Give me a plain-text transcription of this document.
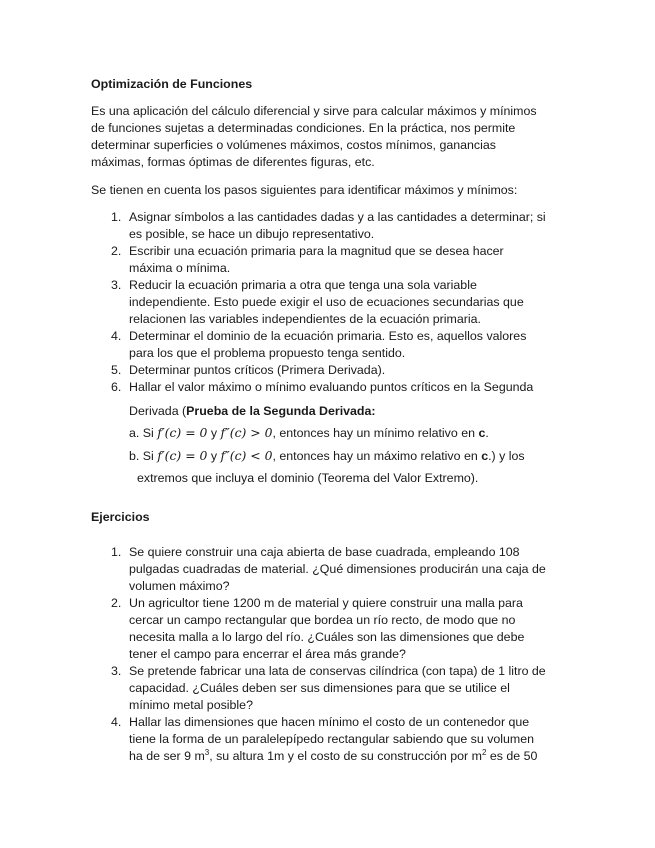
Optimización de Funciones
Es una aplicación del cálculo diferencial y sirve para calcular máximos y mínimos
de funciones sujetas a determinadas condiciones. En la práctica, nos permite
determinar superficies o volúmenes máximos, costos mínimos, ganancias
máximas, formas óptimas de diferentes figuras, etc.
Se tienen en cuenta los pasos siguientes para identificar máximos y mínimos:
1. Asignar símbolos a las cantidades dadas y a las cantidades a determinar; si
es posible, se hace un dibujo representativo.
2. Escribir una ecuación primaria para la magnitud que se desea hacer
máxima o mínima.
3. Reducir la ecuación primaria a otra que tenga una sola variable
independiente. Esto puede exigir el uso de ecuaciones secundarias que
relacionen las variables independientes de la ecuación primaria.
4. Determinar el dominio de la ecuación primaria. Esto es, aquellos valores
para los que el problema propuesto tenga sentido.
5. Determinar puntos críticos (Primera Derivada).
6. Hallar el valor máximo o mínimo evaluando puntos críticos en la Segunda
Derivada (Prueba de la Segunda Derivada:
a. Si f′(c) = 0 y f″(c) > 0, entonces hay un mínimo relativo en c.
b. Si f′(c) = 0 y f″(c) < 0, entonces hay un máximo relativo en c.) y los
extremos que incluya el dominio (Teorema del Valor Extremo).
Ejercicios
1. Se quiere construir una caja abierta de base cuadrada, empleando 108
pulgadas cuadradas de material. ¿Qué dimensiones producirán una caja de
volumen máximo?
2. Un agricultor tiene 1200 m de material y quiere construir una malla para
cercar un campo rectangular que bordea un río recto, de modo que no
necesita malla a lo largo del río. ¿Cuáles son las dimensiones que debe
tener el campo para encerrar el área más grande?
3. Se pretende fabricar una lata de conservas cilíndrica (con tapa) de 1 litro de
capacidad. ¿Cuáles deben ser sus dimensiones para que se utilice el
mínimo metal posible?
4. Hallar las dimensiones que hacen mínimo el costo de un contenedor que
tiene la forma de un paralelepípedo rectangular sabiendo que su volumen
ha de ser 9 $m^3$, su altura 1m y el costo de su construcción por $m^2$ es de 50
